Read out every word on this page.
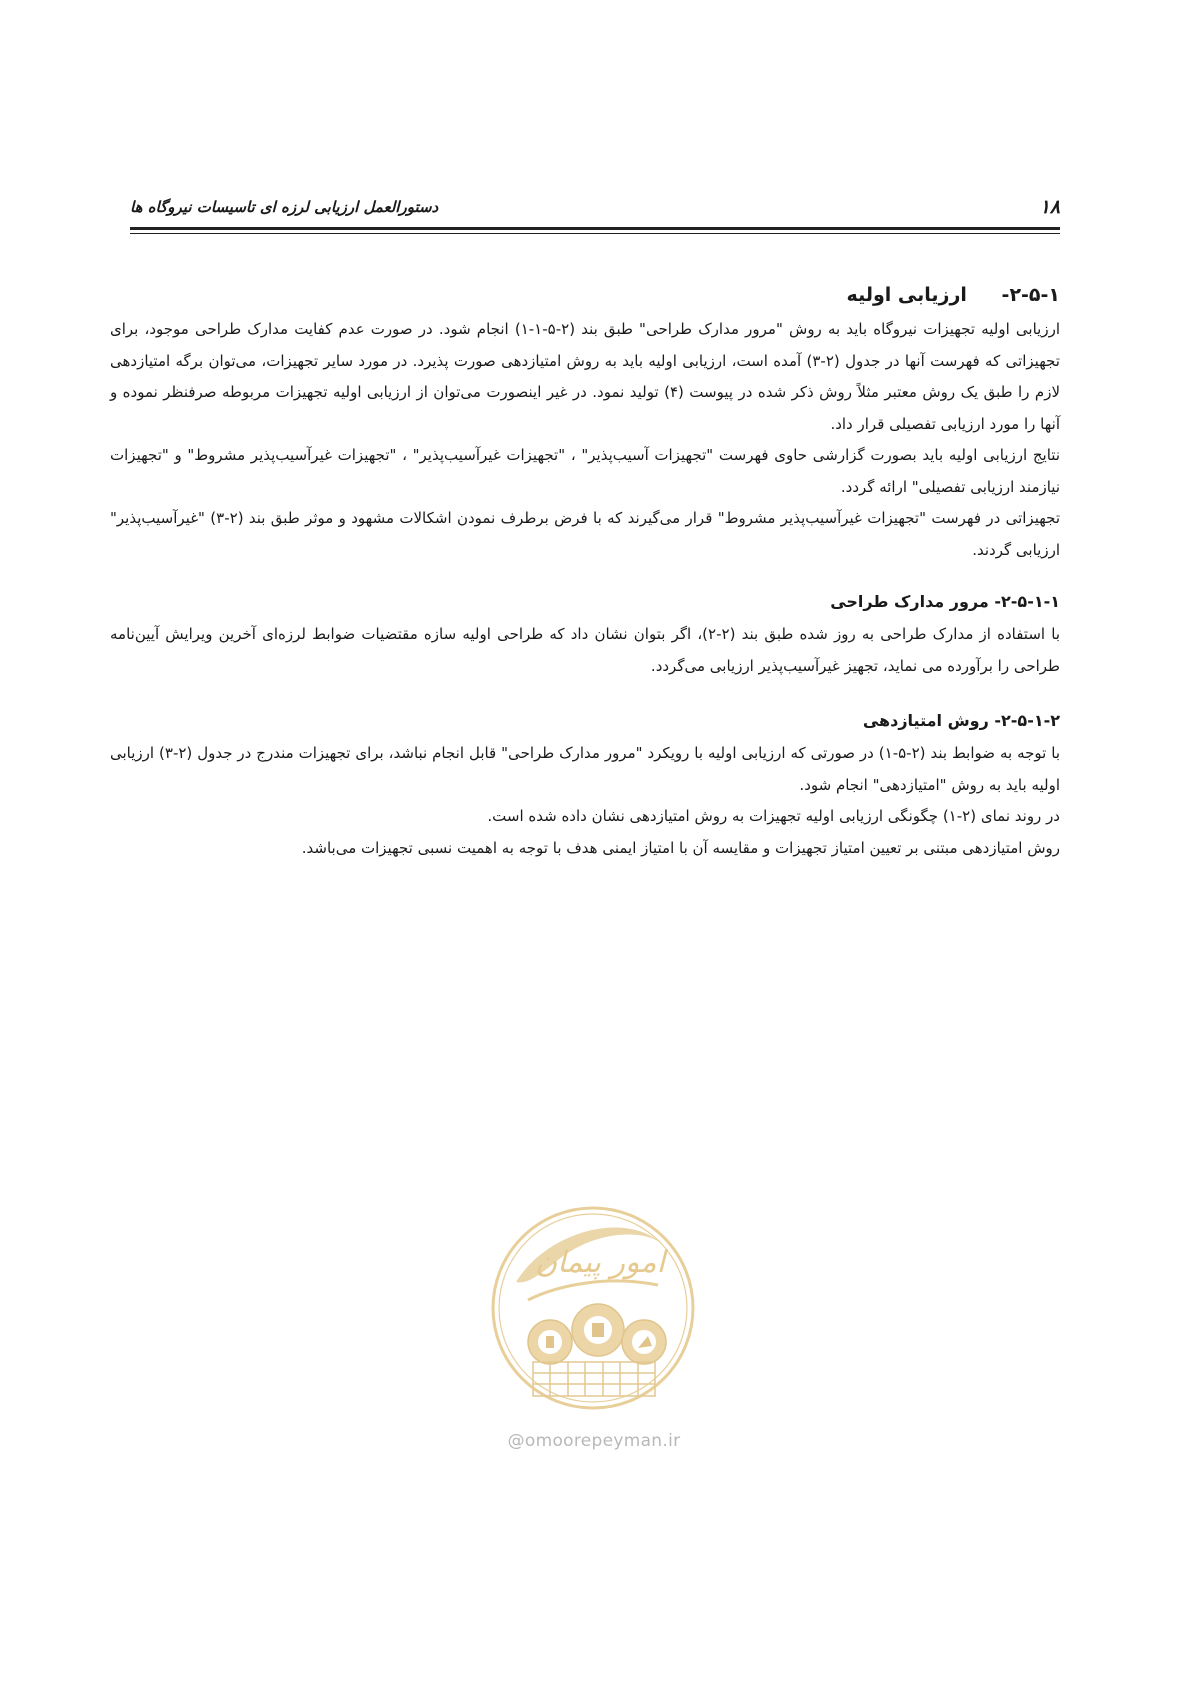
۱۸
دستورالعمل ارزیابی لرزه ای تاسیسات نیروگاه ها
۲-۵-۱- ارزیابی اولیه

ارزیابی اولیه تجهیزات نیروگاه باید به روش "مرور مدارک طراحی" طبق بند (۲-۵-۱-۱) انجام شود. در صورت عدم کفایت مدارک طراحی موجود، برای تجهیزاتی که فهرست آنها در جدول (۲-۳) آمده است، ارزیابی اولیه باید به روش امتیازدهی صورت پذیرد. در مورد سایر تجهیزات، می‌توان برگه امتیازدهی لازم را طبق یک روش معتبر مثلاً روش ذکر شده در پیوست (۴) تولید نمود. در غیر اینصورت می‌توان از ارزیابی اولیه تجهیزات مربوطه صرفنظر نموده و آنها را مورد ارزیابی تفصیلی قرار داد.

نتایج ارزیابی اولیه باید بصورت گزارشی حاوی فهرست "تجهیزات آسیب‌پذیر" ، "تجهیزات غیرآسیب‌پذیر" ، "تجهیزات غیرآسیب‌پذیر مشروط" و "تجهیزات نیازمند ارزیابی تفصیلی" ارائه گردد.

تجهیزاتی در فهرست "تجهیزات غیرآسیب‌پذیر مشروط" قرار می‌گیرند که با فرض برطرف نمودن اشکالات مشهود و موثر طبق بند (۲-۳) "غیرآسیب‌پذیر" ارزیابی گردند.

۲-۵-۱-۱- مرور مدارک طراحی

با استفاده از مدارک طراحی به روز شده طبق بند (۲-۲)، اگر بتوان نشان داد که طراحی اولیه سازه مقتضیات ضوابط لرزه‌ای آخرین ویرایش آیین‌نامه طراحی را برآورده می نماید، تجهیز غیرآسیب‌پذیر ارزیابی می‌گردد.

۲-۵-۱-۲- روش امتیازدهی

با توجه به ضوابط بند (۲-۵-۱) در صورتی که ارزیابی اولیه با رویکرد "مرور مدارک طراحی" قابل انجام نباشد، برای تجهیزات مندرج در جدول (۲-۳) ارزیابی اولیه باید به روش "امتیازدهی" انجام شود.

در روند نمای (۲-۱) چگونگی ارزیابی اولیه تجهیزات به روش امتیازدهی نشان داده شده است.

روش امتیازدهی مبتنی بر تعیین امتیاز تجهیزات و مقایسه آن با امتیاز ایمنی هدف با توجه به اهمیت نسبی تجهیزات می‌باشد.

امور پیمان
@omoorepeyman.ir
